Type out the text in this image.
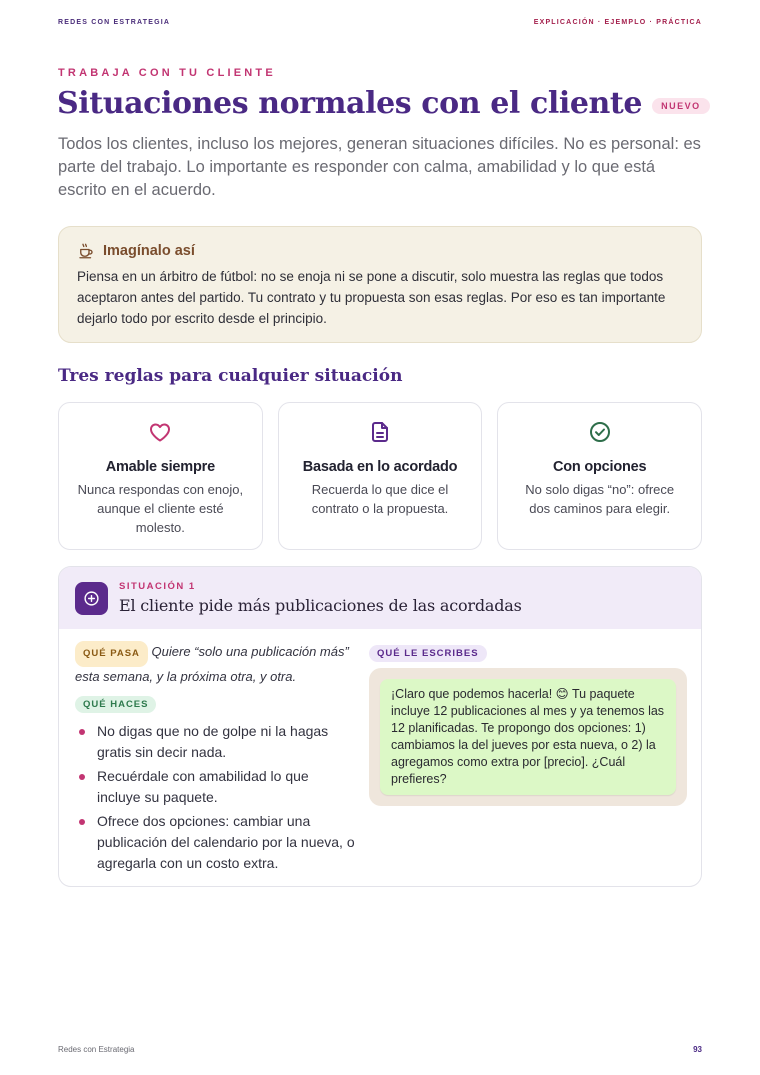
REDES CON ESTRATEGIA	EXPLICACIÓN · EJEMPLO · PRÁCTICA
TRABAJA CON TU CLIENTE
Situaciones normales con el cliente	NUEVO

Todos los clientes, incluso los mejores, generan situaciones difíciles. No es personal: es parte del trabajo. Lo importante es responder con calma, amabilidad y lo que está escrito en el acuerdo.

Imagínalo así

Piensa en un árbitro de fútbol: no se enoja ni se pone a discutir, solo muestra las reglas que todos aceptaron antes del partido. Tu contrato y tu propuesta son esas reglas. Por eso es tan importante dejarlo todo por escrito desde el principio.

Tres reglas para cualquier situación
Amable siempre
Nunca respondas con enojo, aunque el cliente esté molesto.
Basada en lo acordado
Recuerda lo que dice el contrato o la propuesta.
Con opciones
No solo digas “no”: ofrece dos caminos para elegir.
SITUACIÓN 1
El cliente pide más publicaciones de las acordadas

QUÉ PASA Quiere “solo una publicación más” esta semana, y la próxima otra, y otra.

QUÉ HACES
No digas que no de golpe ni la hagas gratis sin decir nada.
Recuérdale con amabilidad lo que incluye su paquete.
Ofrece dos opciones: cambiar una publicación del calendario por la nueva, o agregarla con un costo extra.
QUÉ LE ESCRIBES
¡Claro que podemos hacerla! 😊 Tu paquete incluye 12 publicaciones al mes y ya tenemos las 12 planificadas. Te propongo dos opciones: 1) cambiamos la del jueves por esta nueva, o 2) la agregamos como extra por [precio]. ¿Cuál prefieres?
Redes con Estrategia	93
